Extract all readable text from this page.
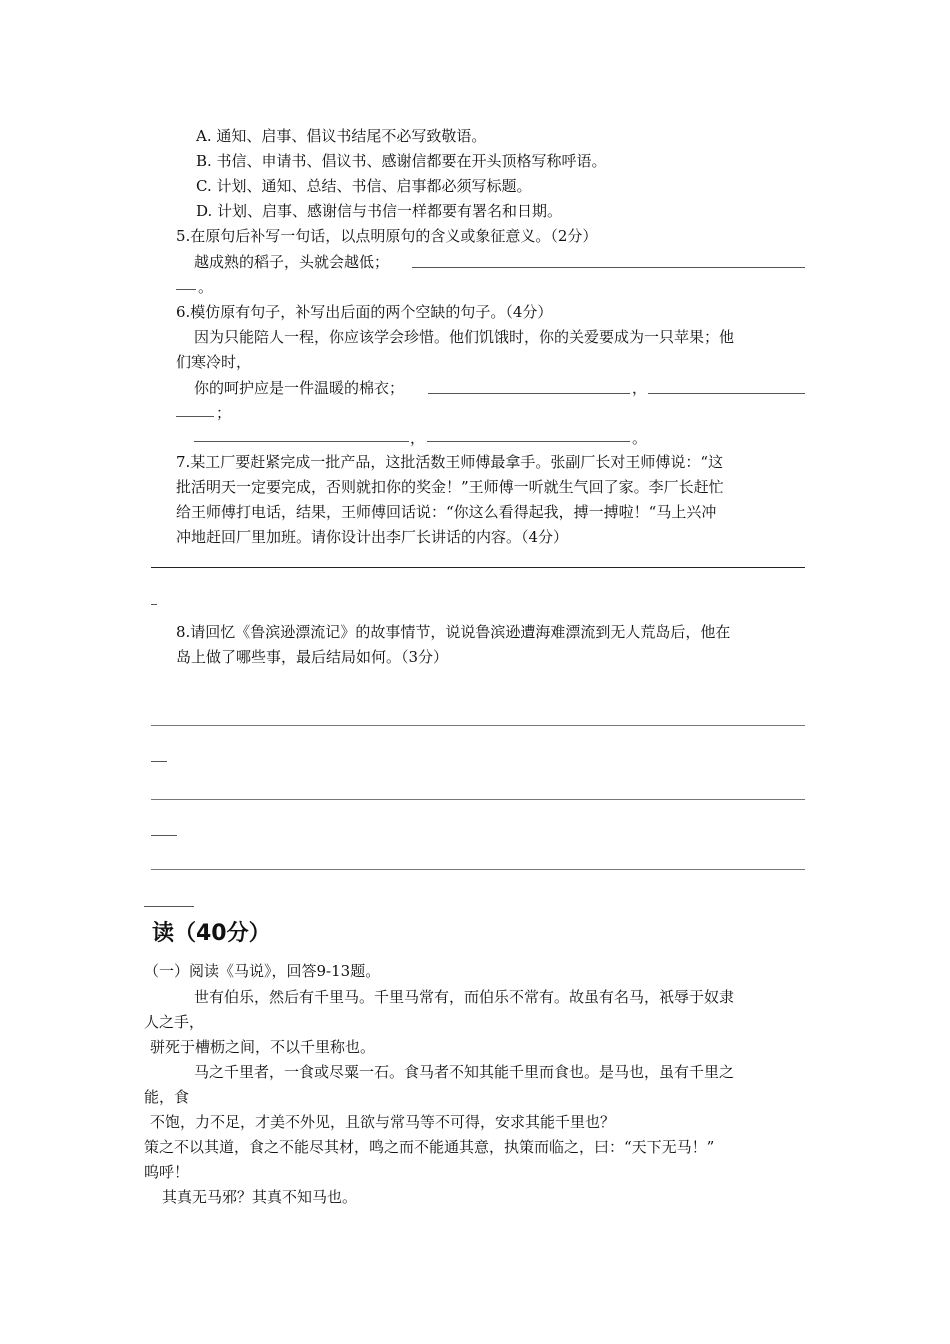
A. 通知、启事、倡议书结尾不必写致敬语。
B. 书信、申请书、倡议书、感谢信都要在开头顶格写称呼语。
C. 计划、通知、总结、书信、启事都必须写标题。
D. 计划、启事、感谢信与书信一样都要有署名和日期。
5.在原句后补写一句话，以点明原句的含义或象征意义。（2分）
越成熟的稻子，头就会越低；
。
6.模仿原有句子，补写出后面的两个空缺的句子。（4分）
因为只能陪人一程，你应该学会珍惜。他们饥饿时，你的关爱要成为一只苹果；他
们寒冷时，
你的呵护应是一件温暖的棉衣；	，
；
，	。
7.某工厂要赶紧完成一批产品，这批活数王师傅最拿手。张副厂长对王师傅说：“这
批活明天一定要完成，否则就扣你的奖金！”王师傅一听就生气回了家。李厂长赶忙
给王师傅打电话，结果，王师傅回话说：“你这么看得起我，搏一搏啦！“马上兴冲
冲地赶回厂里加班。请你设计出李厂长讲话的内容。（4分）
8.请回忆《鲁滨逊漂流记》的故事情节，说说鲁滨逊遭海难漂流到无人荒岛后，他在
岛上做了哪些事，最后结局如何。（3分）
读（40分）
（一）阅读《马说》，回答9-13题。
世有伯乐，然后有千里马。千里马常有，而伯乐不常有。故虽有名马，祇辱于奴隶
人之手，
骈死于槽枥之间，不以千里称也。
马之千里者，一食或尽粟一石。食马者不知其能千里而食也。是马也，虽有千里之
能，食
不饱，力不足，才美不外见，且欲与常马等不可得，安求其能千里也？
策之不以其道，食之不能尽其材，鸣之而不能通其意，执策而临之，曰：“天下无马！”
呜呼！
其真无马邪？其真不知马也。
